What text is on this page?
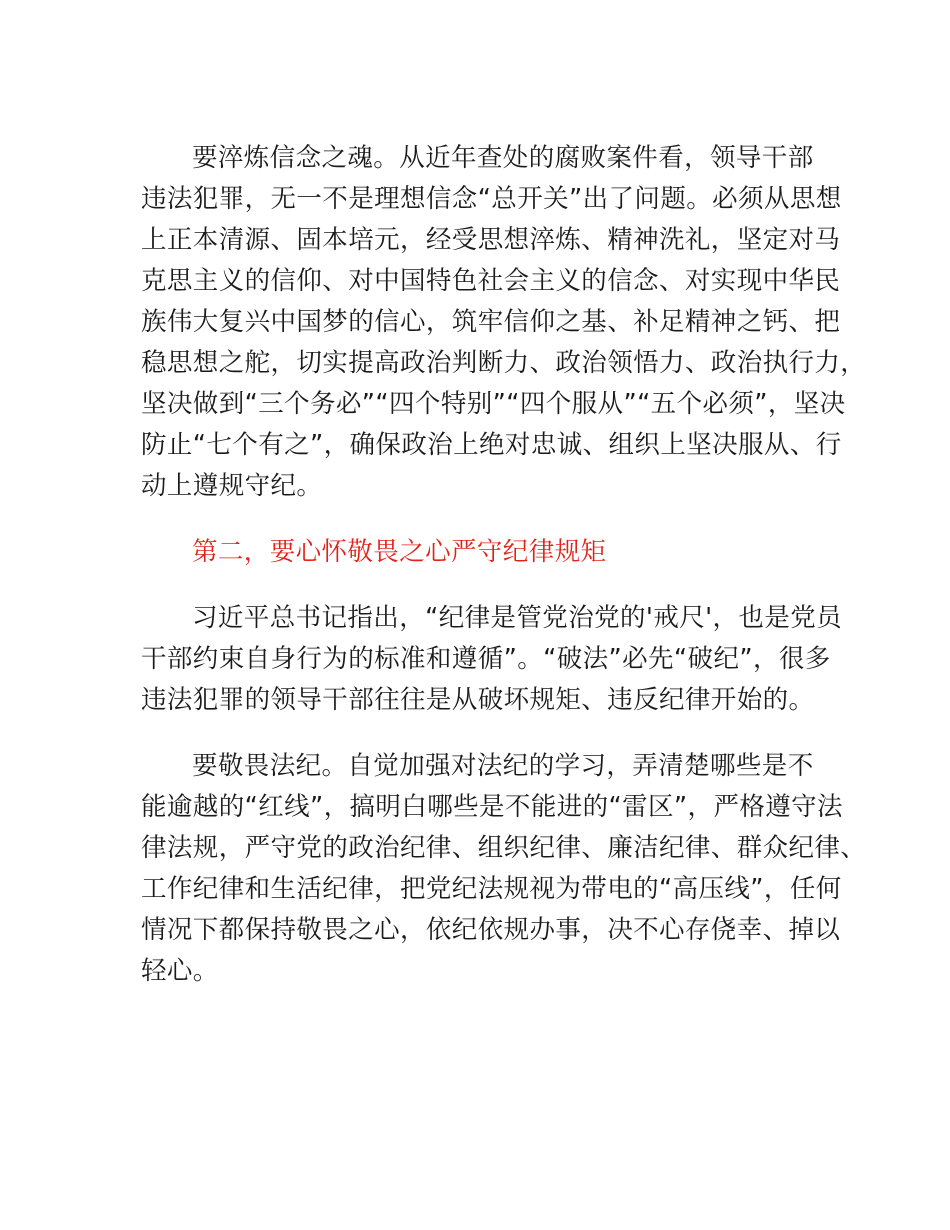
要淬炼信念之魂。从近年查处的腐败案件看，领导干部
违法犯罪，无一不是理想信念“总开关”出了问题。必须从思想
上正本清源、固本培元，经受思想淬炼、精神洗礼，坚定对马
克思主义的信仰、对中国特色社会主义的信念、对实现中华民
族伟大复兴中国梦的信心，筑牢信仰之基、补足精神之钙、把
稳思想之舵，切实提高政治判断力、政治领悟力、政治执行力，
坚决做到“三个务必”“四个特别”“四个服从”“五个必须”，坚决
防止“七个有之”，确保政治上绝对忠诚、组织上坚决服从、行
动上遵规守纪。
第二，要心怀敬畏之心严守纪律规矩
习近平总书记指出，“纪律是管党治党的'戒尺'，也是党员
干部约束自身行为的标准和遵循”。“破法”必先“破纪”，很多
违法犯罪的领导干部往往是从破坏规矩、违反纪律开始的。
要敬畏法纪。自觉加强对法纪的学习，弄清楚哪些是不
能逾越的“红线”，搞明白哪些是不能进的“雷区”，严格遵守法
律法规，严守党的政治纪律、组织纪律、廉洁纪律、群众纪律、
工作纪律和生活纪律，把党纪法规视为带电的“高压线”，任何
情况下都保持敬畏之心，依纪依规办事，决不心存侥幸、掉以
轻心。
